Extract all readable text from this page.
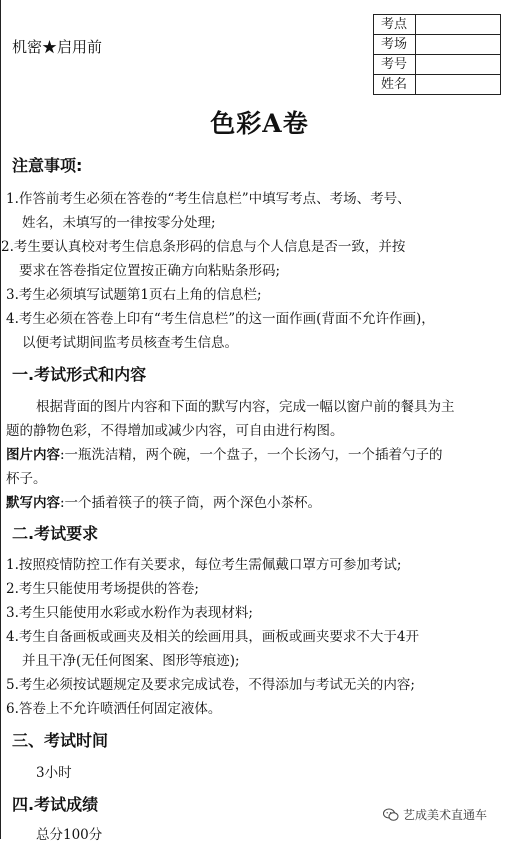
机密★启用前
考点	
考场	
考号	
姓名	
色彩A卷
注意事项:
1.作答前考生必须在答卷的“考生信息栏”中填写考点、考场、考号、
姓名，未填写的一律按零分处理;
2.考生要认真校对考生信息条形码的信息与个人信息是否一致，并按
要求在答卷指定位置按正确方向粘贴条形码;
3.考生必须填写试题第1页右上角的信息栏;
4.考生必须在答卷上印有“考生信息栏”的这一面作画(背面不允许作画)，
以便考试期间监考员核查考生信息。
一.考试形式和内容
根据背面的图片内容和下面的默写内容，完成一幅以窗户前的餐具为主
题的静物色彩，不得增加或减少内容，可自由进行构图。
图片内容:一瓶洗洁精，两个碗，一个盘子，一个长汤勺，一个插着勺子的
杯子。
默写内容:一个插着筷子的筷子筒，两个深色小茶杯。
二.考试要求
1.按照疫情防控工作有关要求，每位考生需佩戴口罩方可参加考试;
2.考生只能使用考场提供的答卷;
3.考生只能使用水彩或水粉作为表现材料;
4.考生自备画板或画夹及相关的绘画用具，画板或画夹要求不大于4开
并且干净(无任何图案、图形等痕迹);
5.考生必须按试题规定及要求完成试卷，不得添加与考试无关的内容;
6.答卷上不允许喷洒任何固定液体。
三、考试时间
3小时
四.考试成绩
总分100分
艺成美术直通车
